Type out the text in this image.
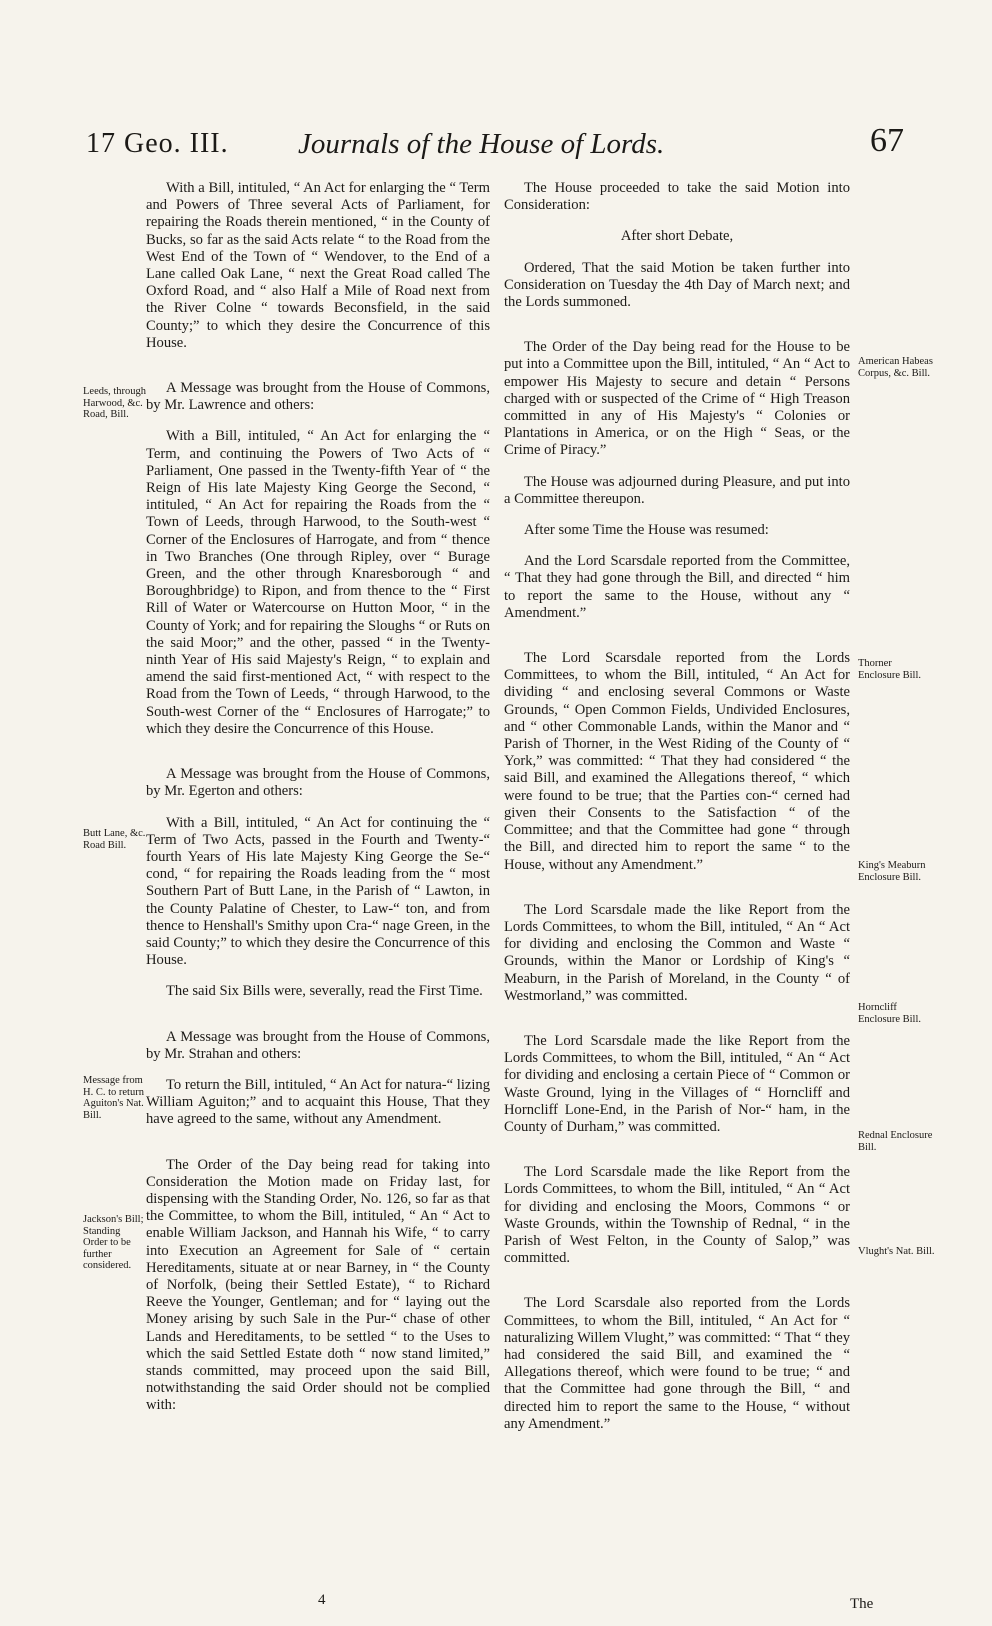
17 Geo. III. Journals of the House of Lords.	67

With a Bill, intituled, “ An Act for enlarging the “ Term and Powers of Three several Acts of Parliament, for repairing the Roads therein mentioned, “ in the County of Bucks, so far as the said Acts relate “ to the Road from the West End of the Town of “ Wendover, to the End of a Lane called Oak Lane, “ next the Great Road called The Oxford Road, and “ also Half a Mile of Road next from the River Colne “ towards Beconsfield, in the said County;” to which they desire the Concurrence of this House.

A Message was brought from the House of Commons, by Mr. Lawrence and others:

With a Bill, intituled, “ An Act for enlarging the “ Term, and continuing the Powers of Two Acts of “ Parliament, One passed in the Twenty-fifth Year of “ the Reign of His late Majesty King George the Second, “ intituled, “ An Act for repairing the Roads from the “ Town of Leeds, through Harwood, to the South-west “ Corner of the Enclosures of Harrogate, and from “ thence in Two Branches (One through Ripley, over “ Burage Green, and the other through Knaresborough “ and Boroughbridge) to Ripon, and from thence to the “ First Rill of Water or Watercourse on Hutton Moor, “ in the County of York; and for repairing the Sloughs “ or Ruts on the said Moor;” and the other, passed “ in the Twenty-ninth Year of His said Majesty's Reign, “ to explain and amend the said first-mentioned Act, “ with respect to the Road from the Town of Leeds, “ through Harwood, to the South-west Corner of the “ Enclosures of Harrogate;” to which they desire the Concurrence of this House.

A Message was brought from the House of Commons, by Mr. Egerton and others:

With a Bill, intituled, “ An Act for continuing the “ Term of Two Acts, passed in the Fourth and Twenty-“ fourth Years of His late Majesty King George the Se-“ cond, “ for repairing the Roads leading from the “ most Southern Part of Butt Lane, in the Parish of “ Lawton, in the County Palatine of Chester, to Law-“ ton, and from thence to Henshall's Smithy upon Cra-“ nage Green, in the said County;” to which they desire the Concurrence of this House.

The said Six Bills were, severally, read the First Time.

A Message was brought from the House of Commons, by Mr. Strahan and others:

To return the Bill, intituled, “ An Act for natura-“ lizing William Aguiton;” and to acquaint this House, That they have agreed to the same, without any Amendment.

The Order of the Day being read for taking into Consideration the Motion made on Friday last, for dispensing with the Standing Order, No. 126, so far as that the Committee, to whom the Bill, intituled, “ An “ Act to enable William Jackson, and Hannah his Wife, “ to carry into Execution an Agreement for Sale of “ certain Hereditaments, situate at or near Barney, in “ the County of Norfolk, (being their Settled Estate), “ to Richard Reeve the Younger, Gentleman; and for “ laying out the Money arising by such Sale in the Pur-“ chase of other Lands and Hereditaments, to be settled “ to the Uses to which the said Settled Estate doth “ now stand limited,” stands committed, may proceed upon the said Bill, notwithstanding the said Order should not be complied with:

The House proceeded to take the said Motion into Consideration:

After short Debate,

Ordered, That the said Motion be taken further into Consideration on Tuesday the 4th Day of March next; and the Lords summoned.

The Order of the Day being read for the House to be put into a Committee upon the Bill, intituled, “ An “ Act to empower His Majesty to secure and detain “ Persons charged with or suspected of the Crime of “ High Treason committed in any of His Majesty's “ Colonies or Plantations in America, or on the High “ Seas, or the Crime of Piracy.”

The House was adjourned during Pleasure, and put into a Committee thereupon.

After some Time the House was resumed:

And the Lord Scarsdale reported from the Committee, “ That they had gone through the Bill, and directed “ him to report the same to the House, without any “ Amendment.”

The Lord Scarsdale reported from the Lords Committees, to whom the Bill, intituled, “ An Act for dividing “ and enclosing several Commons or Waste Grounds, “ Open Common Fields, Undivided Enclosures, and “ other Commonable Lands, within the Manor and “ Parish of Thorner, in the West Riding of the County of “ York,” was committed: “ That they had considered “ the said Bill, and examined the Allegations thereof, “ which were found to be true; that the Parties con-“ cerned had given their Consents to the Satisfaction “ of the Committee; and that the Committee had gone “ through the Bill, and directed him to report the same “ to the House, without any Amendment.”

The Lord Scarsdale made the like Report from the Lords Committees, to whom the Bill, intituled, “ An “ Act for dividing and enclosing the Common and Waste “ Grounds, within the Manor or Lordship of King's “ Meaburn, in the Parish of Moreland, in the County “ of Westmorland,” was committed.

The Lord Scarsdale made the like Report from the Lords Committees, to whom the Bill, intituled, “ An “ Act for dividing and enclosing a certain Piece of “ Common or Waste Ground, lying in the Villages of “ Horncliff and Horncliff Lone-End, in the Parish of Nor-“ ham, in the County of Durham,” was committed.

The Lord Scarsdale made the like Report from the Lords Committees, to whom the Bill, intituled, “ An “ Act for dividing and enclosing the Moors, Commons “ or Waste Grounds, within the Township of Rednal, “ in the Parish of West Felton, in the County of Salop,” was committed.

The Lord Scarsdale also reported from the Lords Committees, to whom the Bill, intituled, “ An Act for “ naturalizing Willem Vlught,” was committed: “ That “ they had considered the said Bill, and examined the “ Allegations thereof, which were found to be true; “ and that the Committee had gone through the Bill, “ and directed him to report the same to the House, “ without any Amendment.”

Leeds, through Harwood, &c. Road, Bill.
Butt Lane, &c. Road Bill.
Message from H. C. to return Aguiton's Nat. Bill.
Jackson's Bill; Standing Order to be further considered.
American Habeas Corpus, &c. Bill.
Thorner Enclosure Bill.
King's Meaburn Enclosure Bill.
Horncliff Enclosure Bill.
Rednal Enclosure Bill.
Vlught's Nat. Bill.
4	The
